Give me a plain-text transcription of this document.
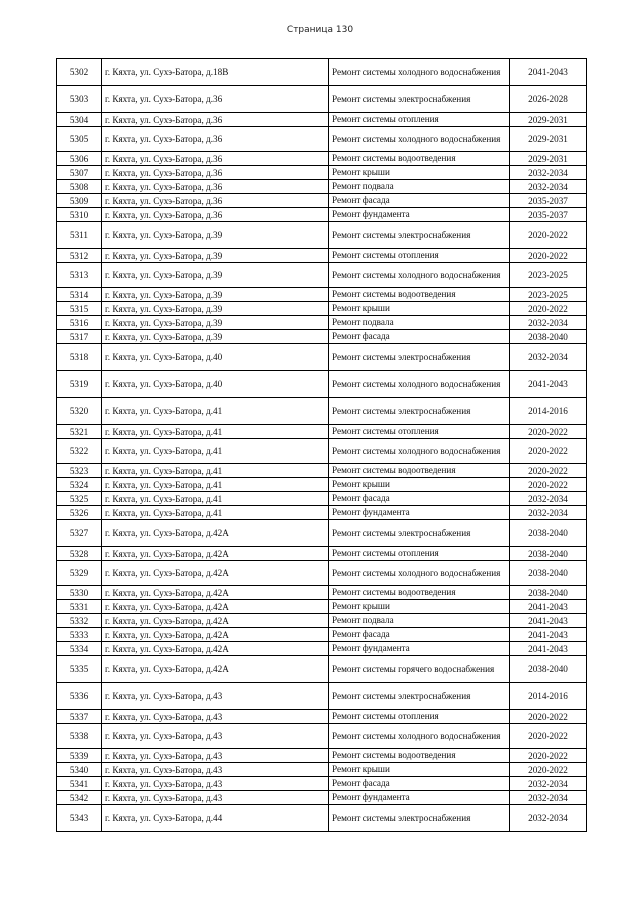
Страница 130
5302	г. Кяхта, ул. Сухэ-Батора, д.18В	Ремонт системы холодного водоснабжения	2041-2043
5303	г. Кяхта, ул. Сухэ-Батора, д.36	Ремонт системы электроснабжения	2026-2028
5304	г. Кяхта, ул. Сухэ-Батора, д.36	Ремонт системы отопления	2029-2031
5305	г. Кяхта, ул. Сухэ-Батора, д.36	Ремонт системы холодного водоснабжения	2029-2031
5306	г. Кяхта, ул. Сухэ-Батора, д.36	Ремонт системы водоотведения	2029-2031
5307	г. Кяхта, ул. Сухэ-Батора, д.36	Ремонт крыши	2032-2034
5308	г. Кяхта, ул. Сухэ-Батора, д.36	Ремонт подвала	2032-2034
5309	г. Кяхта, ул. Сухэ-Батора, д.36	Ремонт фасада	2035-2037
5310	г. Кяхта, ул. Сухэ-Батора, д.36	Ремонт фундамента	2035-2037
5311	г. Кяхта, ул. Сухэ-Батора, д.39	Ремонт системы электроснабжения	2020-2022
5312	г. Кяхта, ул. Сухэ-Батора, д.39	Ремонт системы отопления	2020-2022
5313	г. Кяхта, ул. Сухэ-Батора, д.39	Ремонт системы холодного водоснабжения	2023-2025
5314	г. Кяхта, ул. Сухэ-Батора, д.39	Ремонт системы водоотведения	2023-2025
5315	г. Кяхта, ул. Сухэ-Батора, д.39	Ремонт крыши	2020-2022
5316	г. Кяхта, ул. Сухэ-Батора, д.39	Ремонт подвала	2032-2034
5317	г. Кяхта, ул. Сухэ-Батора, д.39	Ремонт фасада	2038-2040
5318	г. Кяхта, ул. Сухэ-Батора, д.40	Ремонт системы электроснабжения	2032-2034
5319	г. Кяхта, ул. Сухэ-Батора, д.40	Ремонт системы холодного водоснабжения	2041-2043
5320	г. Кяхта, ул. Сухэ-Батора, д.41	Ремонт системы электроснабжения	2014-2016
5321	г. Кяхта, ул. Сухэ-Батора, д.41	Ремонт системы отопления	2020-2022
5322	г. Кяхта, ул. Сухэ-Батора, д.41	Ремонт системы холодного водоснабжения	2020-2022
5323	г. Кяхта, ул. Сухэ-Батора, д.41	Ремонт системы водоотведения	2020-2022
5324	г. Кяхта, ул. Сухэ-Батора, д.41	Ремонт крыши	2020-2022
5325	г. Кяхта, ул. Сухэ-Батора, д.41	Ремонт фасада	2032-2034
5326	г. Кяхта, ул. Сухэ-Батора, д.41	Ремонт фундамента	2032-2034
5327	г. Кяхта, ул. Сухэ-Батора, д.42А	Ремонт системы электроснабжения	2038-2040
5328	г. Кяхта, ул. Сухэ-Батора, д.42А	Ремонт системы отопления	2038-2040
5329	г. Кяхта, ул. Сухэ-Батора, д.42А	Ремонт системы холодного водоснабжения	2038-2040
5330	г. Кяхта, ул. Сухэ-Батора, д.42А	Ремонт системы водоотведения	2038-2040
5331	г. Кяхта, ул. Сухэ-Батора, д.42А	Ремонт крыши	2041-2043
5332	г. Кяхта, ул. Сухэ-Батора, д.42А	Ремонт подвала	2041-2043
5333	г. Кяхта, ул. Сухэ-Батора, д.42А	Ремонт фасада	2041-2043
5334	г. Кяхта, ул. Сухэ-Батора, д.42А	Ремонт фундамента	2041-2043
5335	г. Кяхта, ул. Сухэ-Батора, д.42А	Ремонт системы горячего водоснабжения	2038-2040
5336	г. Кяхта, ул. Сухэ-Батора, д.43	Ремонт системы электроснабжения	2014-2016
5337	г. Кяхта, ул. Сухэ-Батора, д.43	Ремонт системы отопления	2020-2022
5338	г. Кяхта, ул. Сухэ-Батора, д.43	Ремонт системы холодного водоснабжения	2020-2022
5339	г. Кяхта, ул. Сухэ-Батора, д.43	Ремонт системы водоотведения	2020-2022
5340	г. Кяхта, ул. Сухэ-Батора, д.43	Ремонт крыши	2020-2022
5341	г. Кяхта, ул. Сухэ-Батора, д.43	Ремонт фасада	2032-2034
5342	г. Кяхта, ул. Сухэ-Батора, д.43	Ремонт фундамента	2032-2034
5343	г. Кяхта, ул. Сухэ-Батора, д.44	Ремонт системы электроснабжения	2032-2034
